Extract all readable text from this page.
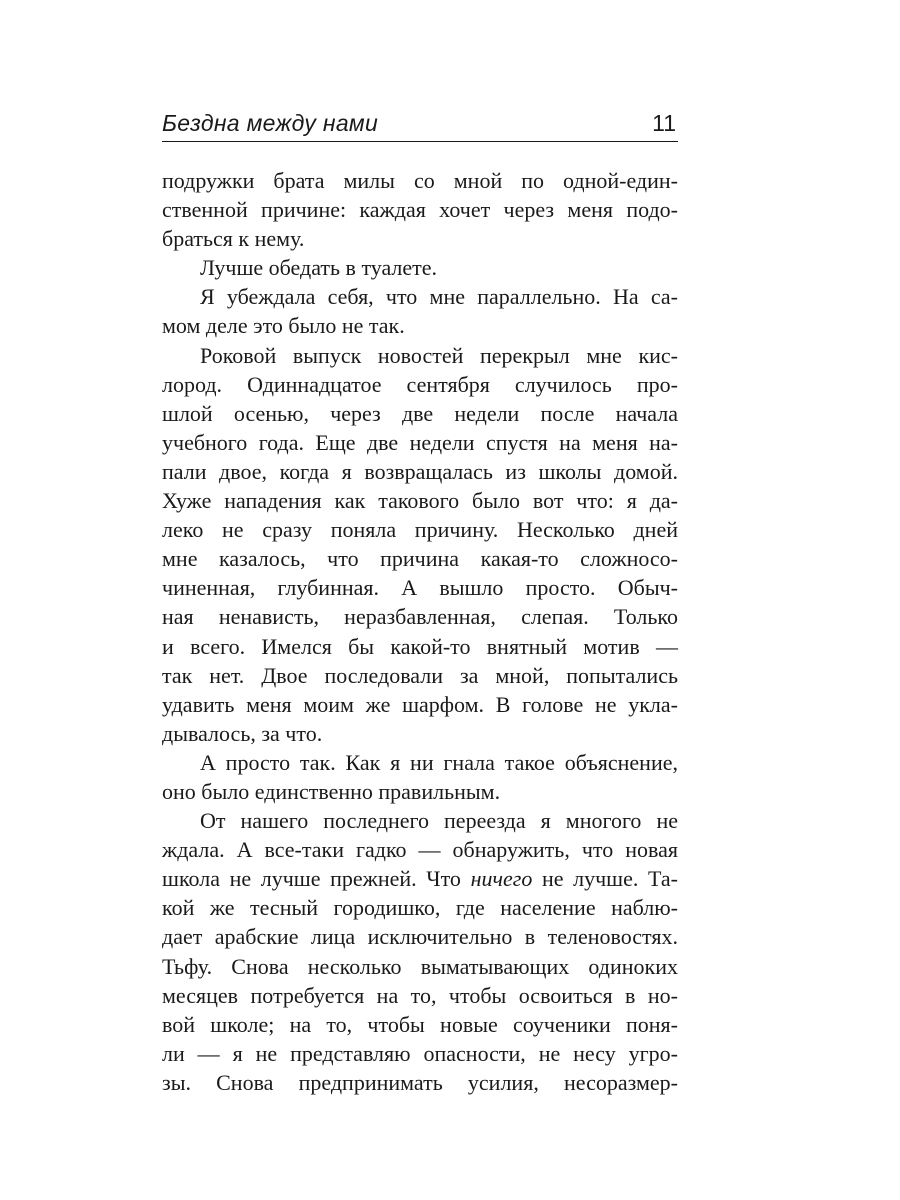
Бездна между нами	11
подружки брата милы со мной по одной-един-
ственной причине: каждая хочет через меня подо-
браться к нему.
Лучше обедать в туалете.
Я убеждала себя, что мне параллельно. На са-
мом деле это было не так.
Роковой выпуск новостей перекрыл мне кис-
лород. Одиннадцатое сентября случилось про-
шлой осенью, через две недели после начала
учебного года. Еще две недели спустя на меня на-
пали двое, когда я возвращалась из школы домой.
Хуже нападения как такового было вот что: я да-
леко не сразу поняла причину. Несколько дней
мне казалось, что причина какая-то сложносо-
чиненная, глубинная. А вышло просто. Обыч-
ная ненависть, неразбавленная, слепая. Только
и всего. Имелся бы какой-то внятный мотив —
так нет. Двое последовали за мной, попытались
удавить меня моим же шарфом. В голове не укла-
дывалось, за что.
А просто так. Как я ни гнала такое объяснение,
оно было единственно правильным.
От нашего последнего переезда я многого не
ждала. А все-таки гадко — обнаружить, что новая
школа не лучше прежней. Что ничего не лучше. Та-
кой же тесный городишко, где население наблю-
дает арабские лица исключительно в теленовостях.
Тьфу. Снова несколько выматывающих одиноких
месяцев потребуется на то, чтобы освоиться в но-
вой школе; на то, чтобы новые соученики поня-
ли — я не представляю опасности, не несу угро-
зы. Снова предпринимать усилия, несоразмер-
